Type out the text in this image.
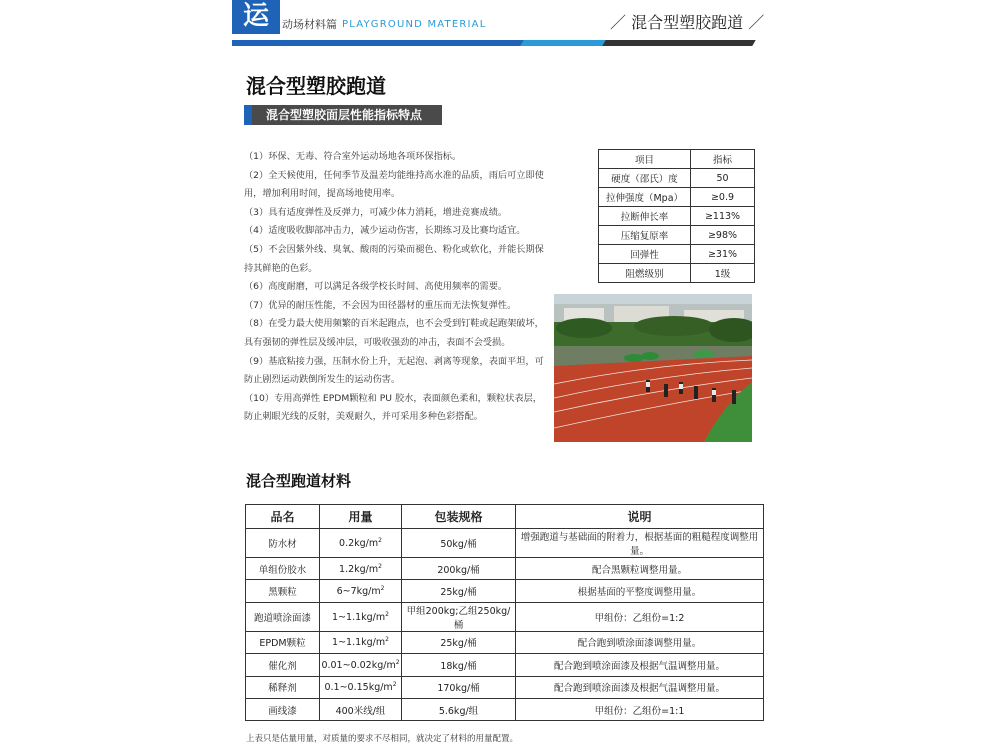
运	动场材料篇 PLAYGROUND MATERIAL	／ 混合型塑胶跑道 ／
混合型塑胶跑道
混合型塑胶面层性能指标特点

（1）环保、无毒、符合室外运动场地各项环保指标。

（2）全天候使用，任何季节及温差均能维持高水准的品质，雨后可立即使用，增加利用时间，提高场地使用率。

（3）具有适度弹性及反弹力，可减少体力消耗，增进竞赛成绩。

（4）适度吸收脚部冲击力，减少运动伤害，长期练习及比赛均适宜。

（5）不会因紫外线、臭氧、酸雨的污染而褪色、粉化或软化，并能长期保持其鲜艳的色彩。

（6）高度耐磨，可以满足各级学校长时间、高使用频率的需要。

（7）优异的耐压性能，不会因为田径器材的重压而无法恢复弹性。

（8）在受力最大使用频繁的百米起跑点，也不会受到钉鞋或起跑架破坏，具有强韧的弹性层及缓冲层，可吸收强劲的冲击，表面不会受损。

（9）基底粘接力强，压制水份上升，无起泡、剥离等现象，表面平坦，可防止剧烈运动跌倒所发生的运动伤害。

（10）专用高弹性 EPDM颗粒和 PU 胶水，表面颜色柔和，颗粒状表层，防止刺眼光线的反射，美观耐久，并可采用多种色彩搭配。

项目	指标
硬度（邵氏）度	50
拉伸强度（Mpa）	≥0.9
拉断伸长率	≥113%
压缩复原率	≥98%
回弹性	≥31%
阻燃级别	1级
混合型跑道材料
品名	用量	包装规格	说明
防水材	$0.2kg/m^2$	50kg/桶	增强跑道与基础面的附着力，根据基面的粗糙程度调整用量。
单组份胶水	$1.2kg/m^2$	200kg/桶	配合黑颗粒调整用量。
黑颗粒	$6\sim 7kg/m^2$	25kg/桶	根据基面的平整度调整用量。
跑道喷涂面漆	$1\sim 1.1kg/m^2$	甲组200kg;乙组250kg/桶	甲组份：乙组份=1:2
EPDM颗粒	$1\sim 1.1kg/m^2$	25kg/桶	配合跑到喷涂面漆调整用量。
催化剂	$0.01\sim 0.02kg/m^2$	18kg/桶	配合跑到喷涂面漆及根据气温调整用量。
稀释剂	$0.1\sim 0.15kg/m^2$	170kg/桶	配合跑到喷涂面漆及根据气温调整用量。
画线漆	400米线/组	5.6kg/组	甲组份：乙组份=1:1
上表只是估量用量，对质量的要求不尽相同，就决定了材料的用量配置。
